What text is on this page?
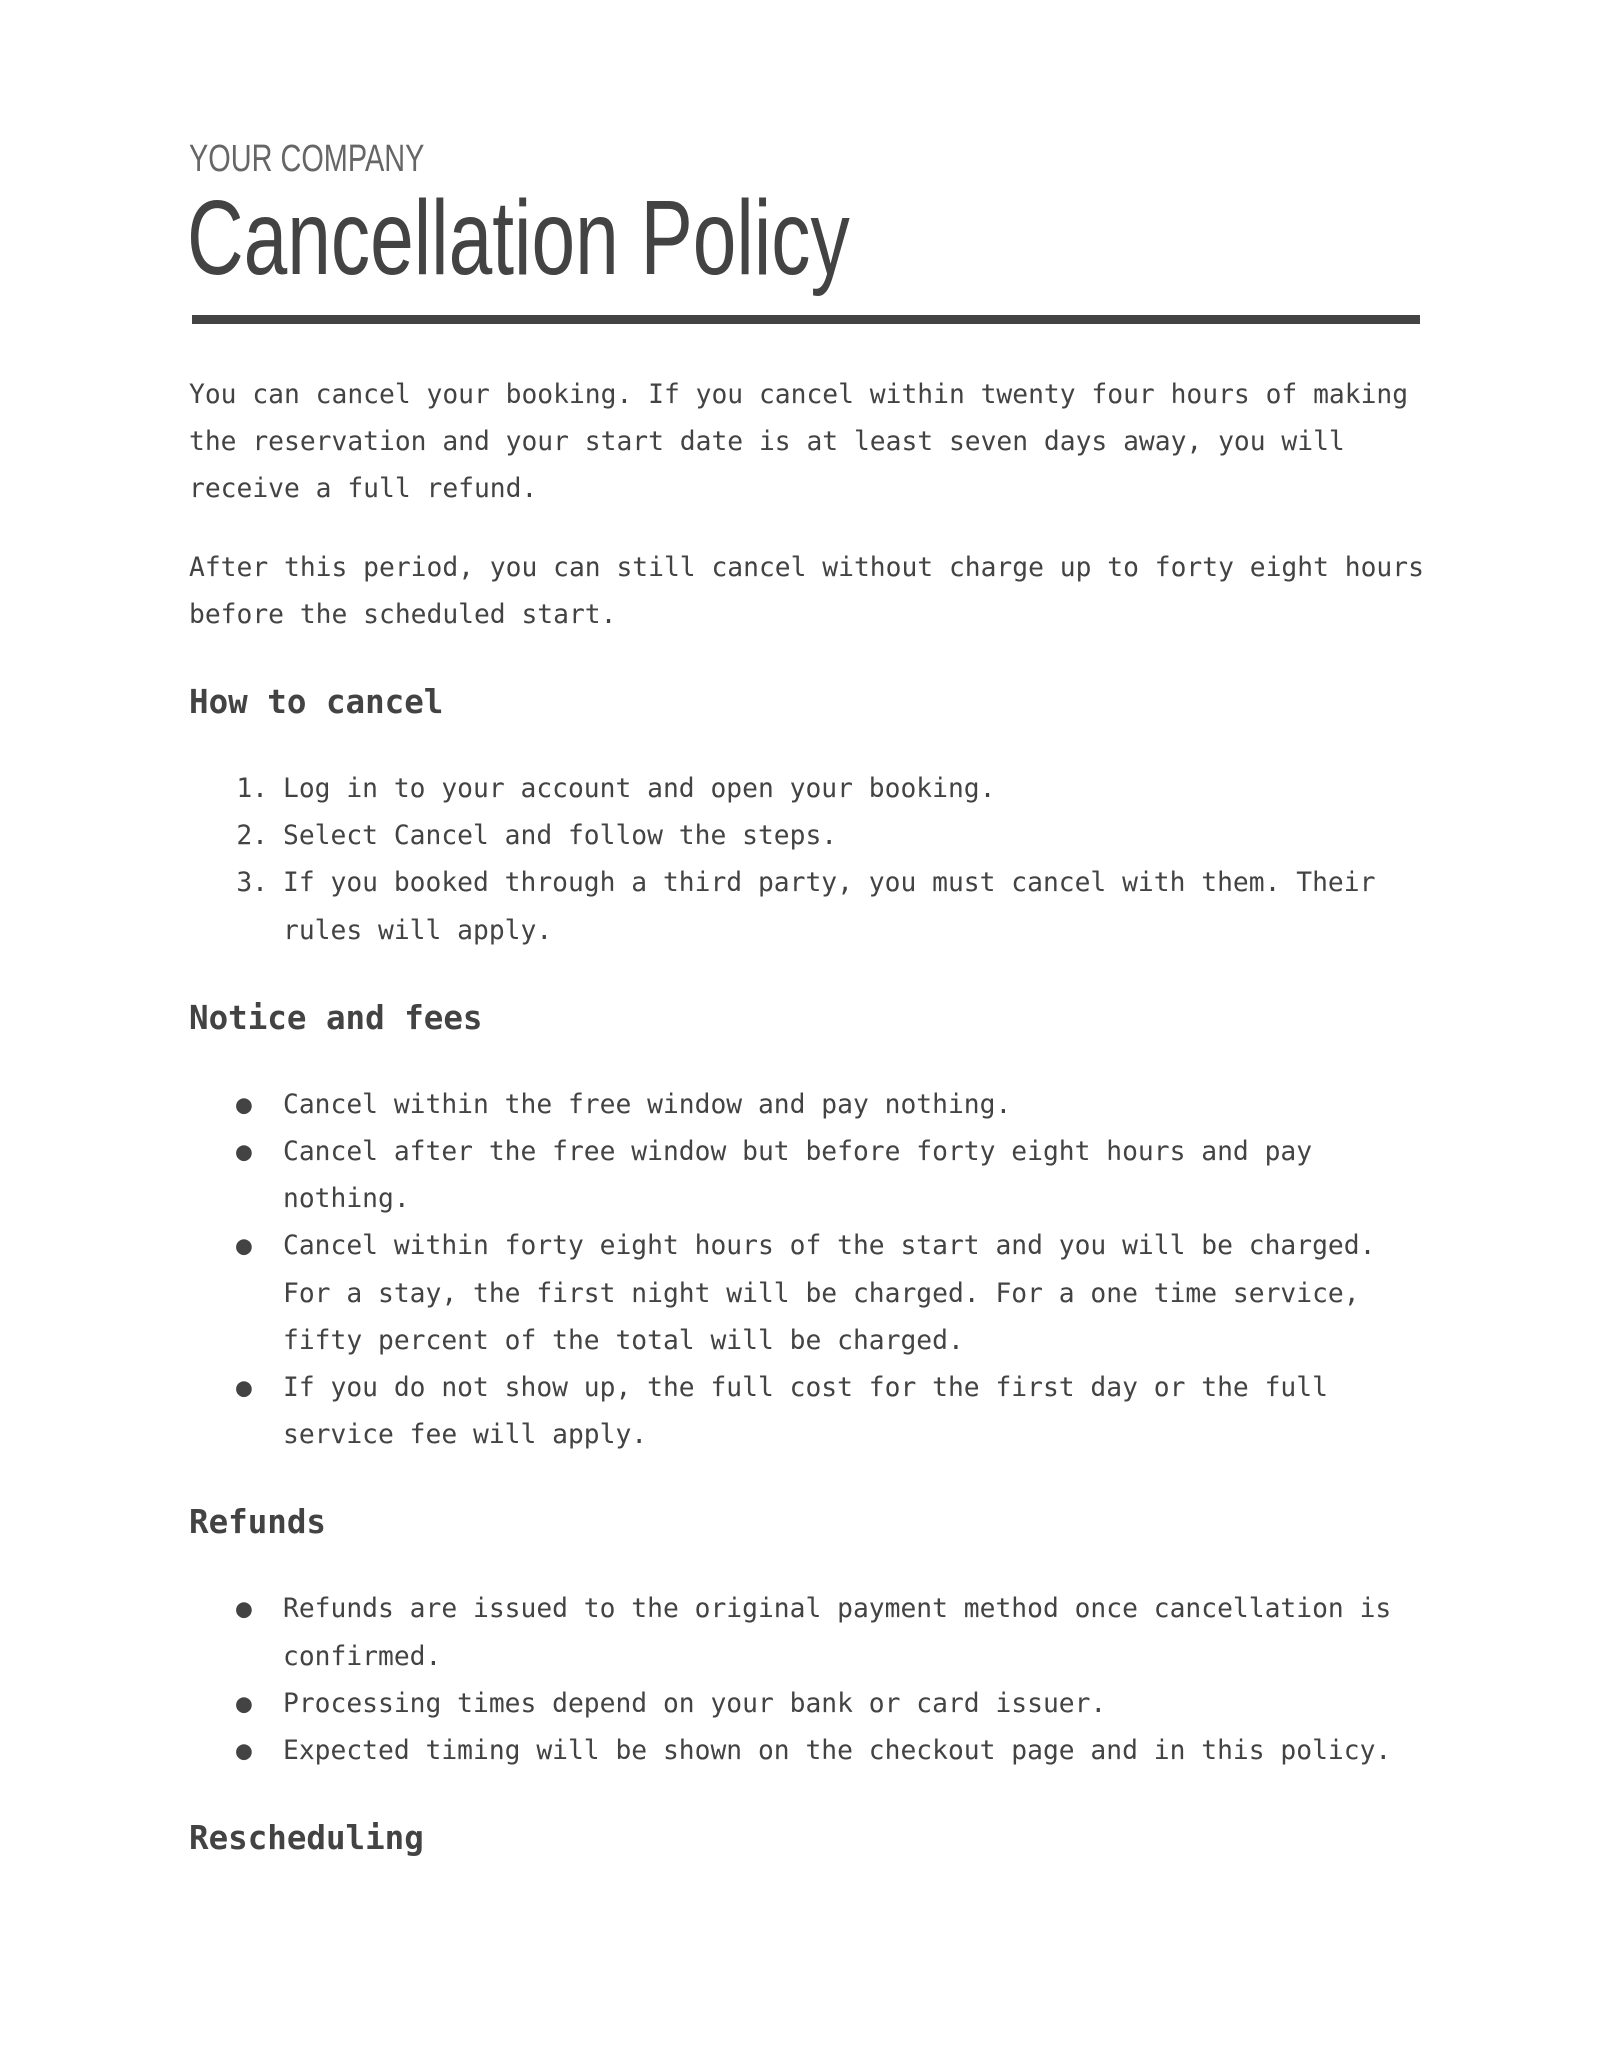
YOUR COMPANY
Cancellation Policy

You can cancel your booking. If you cancel within twenty four hours of making the reservation and your start date is at least seven days away, you will receive a full refund.

After this period, you can still cancel without charge up to forty eight hours before the scheduled start.

How to cancel
1. Log in to your account and open your booking.
2. Select Cancel and follow the steps.
3. If you booked through a third party, you must cancel with them. Their rules will apply.
Notice and fees
● Cancel within the free window and pay nothing.
● Cancel after the free window but before forty eight hours and pay nothing.
● Cancel within forty eight hours of the start and you will be charged. For a stay, the first night will be charged. For a one time service, fifty percent of the total will be charged.
● If you do not show up, the full cost for the first day or the full service fee will apply.
Refunds
● Refunds are issued to the original payment method once cancellation is confirmed.
● Processing times depend on your bank or card issuer.
● Expected timing will be shown on the checkout page and in this policy.
Rescheduling
